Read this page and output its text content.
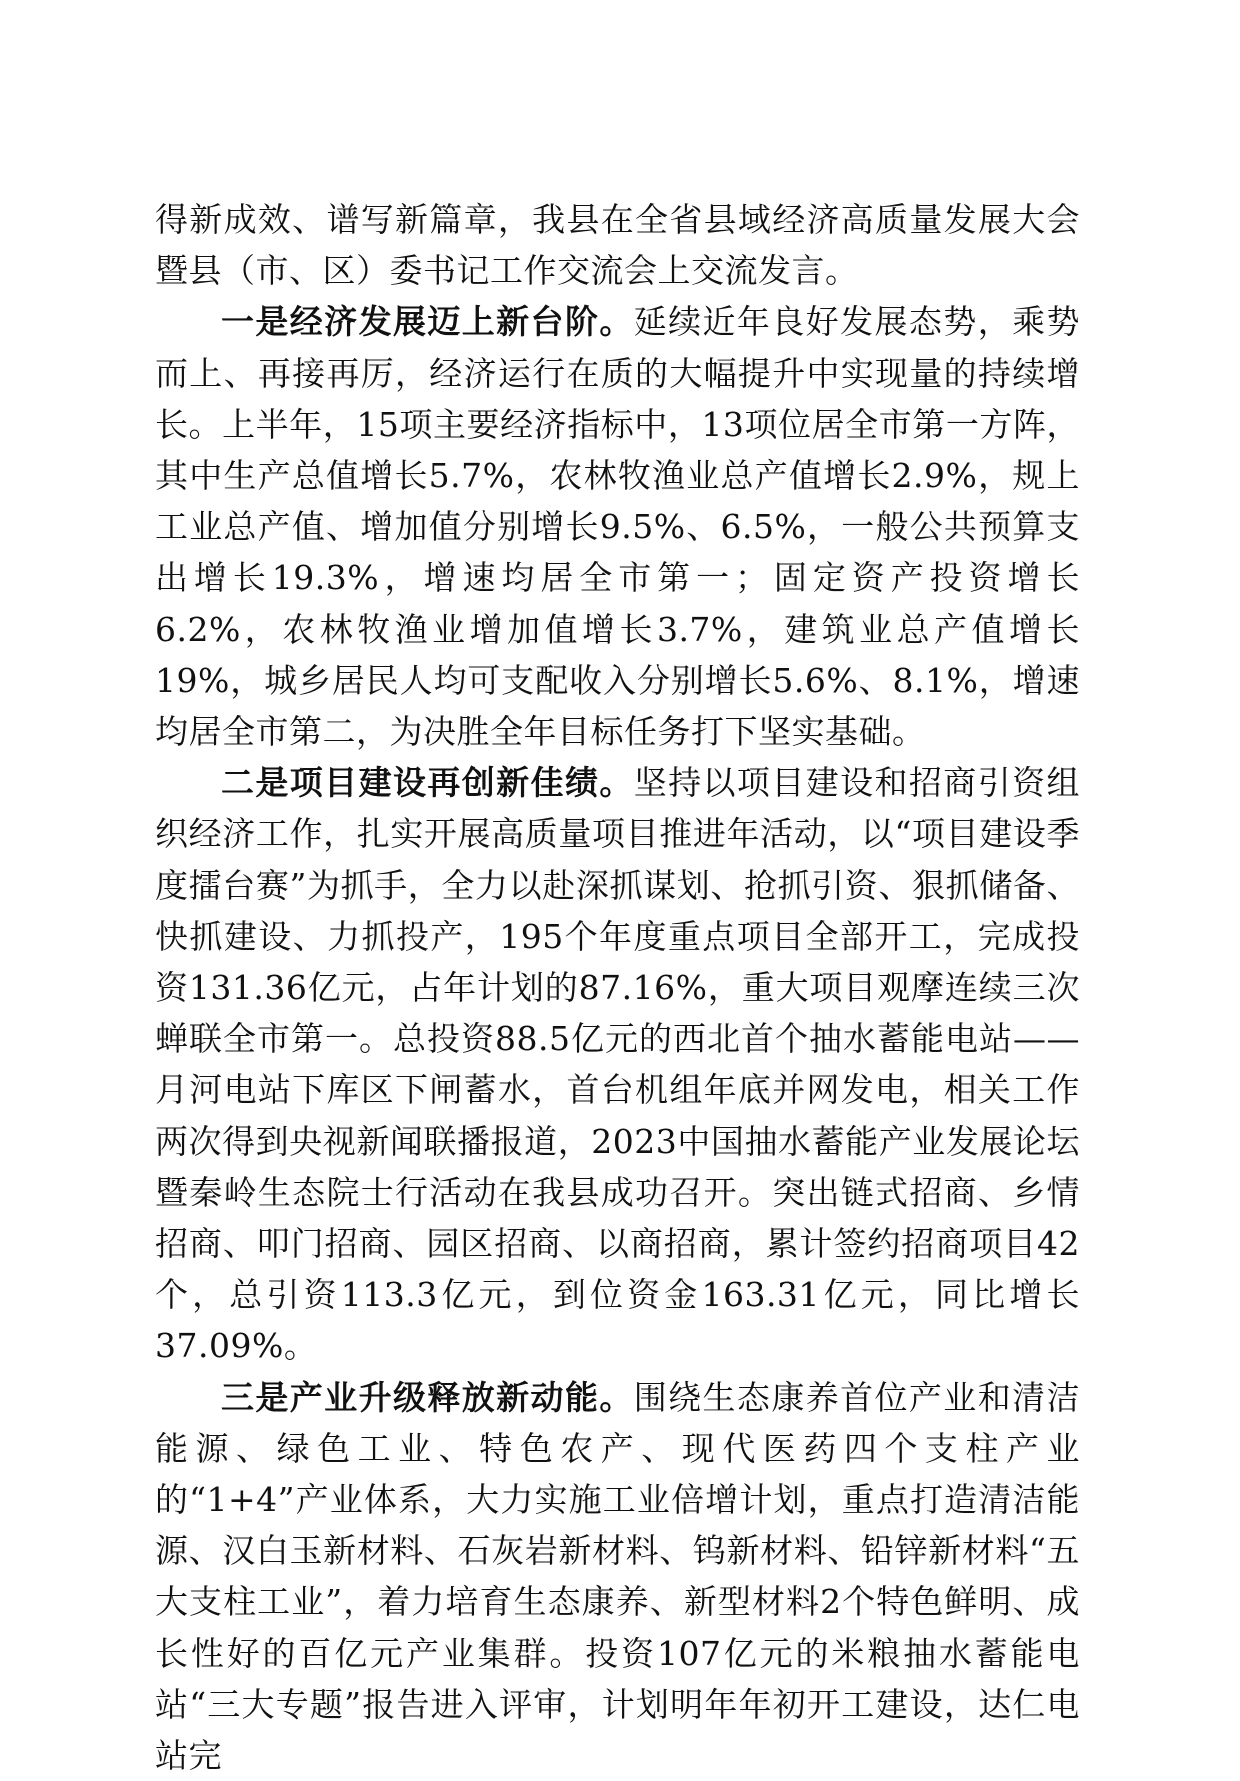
得新成效、谱写新篇章，我县在全省县域经济高质量发展大会暨县（市、区）委书记工作交流会上交流发言。

一是经济发展迈上新台阶。延续近年良好发展态势，乘势而上、再接再厉，经济运行在质的大幅提升中实现量的持续增长。上半年，15项主要经济指标中，13项位居全市第一方阵，其中生产总值增长5.7%，农林牧渔业总产值增长2.9%，规上工业总产值、增加值分别增长9.5%、6.5%，一般公共预算支出增长19.3%，增速均居全市第一；固定资产投资增长6.2%，农林牧渔业增加值增长3.7%，建筑业总产值增长19%，城乡居民人均可支配收入分别增长5.6%、8.1%，增速均居全市第二，为决胜全年目标任务打下坚实基础。

二是项目建设再创新佳绩。坚持以项目建设和招商引资组织经济工作，扎实开展高质量项目推进年活动，以“项目建设季度擂台赛”为抓手，全力以赴深抓谋划、抢抓引资、狠抓储备、快抓建设、力抓投产，195个年度重点项目全部开工，完成投资131.36亿元，占年计划的87.16%，重大项目观摩连续三次蝉联全市第一。总投资88.5亿元的西北首个抽水蓄能电站——月河电站下库区下闸蓄水，首台机组年底并网发电，相关工作两次得到央视新闻联播报道，2023中国抽水蓄能产业发展论坛暨秦岭生态院士行活动在我县成功召开。突出链式招商、乡情招商、叩门招商、园区招商、以商招商，累计签约招商项目42个，总引资113.3亿元，到位资金163.31亿元，同比增长37.09%。

三是产业升级释放新动能。围绕生态康养首位产业和清洁能源、绿色工业、特色农产、现代医药四个支柱产业的“1+4”产业体系，大力实施工业倍增计划，重点打造清洁能源、汉白玉新材料、石灰岩新材料、钨新材料、铅锌新材料“五大支柱工业”，着力培育生态康养、新型材料2个特色鲜明、成长性好的百亿元产业集群。投资107亿元的米粮抽水蓄能电站“三大专题”报告进入评审，计划明年年初开工建设，达仁电站完
